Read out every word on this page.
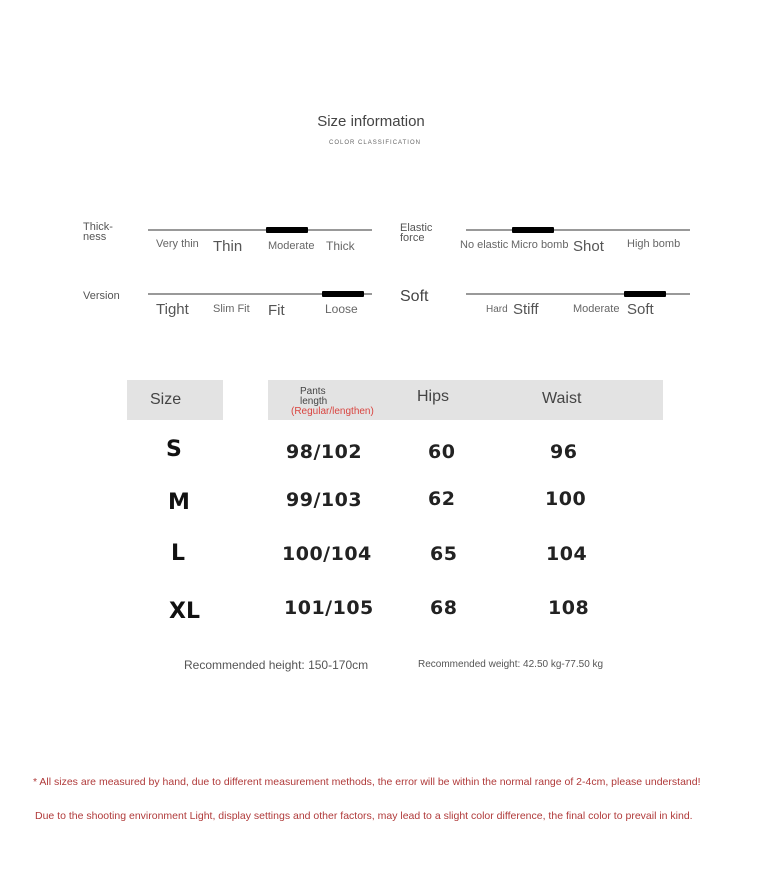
Size information
COLOR CLASSIFICATION
Thick-
ness
Very thin Thin Moderate Thick
Elastic
force
No elastic Micro bomb Shot High bomb
Version
Tight Slim Fit Fit	Loose
Soft
Hard Stiff	Moderate Soft
Size	Pants
length
(Regular/lengthen)
Hips	Waist
S	98/102	60	96
M	99/103	62	100
L	100/104	65	104
XL	101/105	68	108
Recommended height: 150-170cm	Recommended weight: 42.50 kg-77.50 kg
* All sizes are measured by hand, due to different measurement methods, the error will be within the normal range of 2-4cm, please understand!
Due to the shooting environment Light, display settings and other factors, may lead to a slight color difference, the final color to prevail in kind.
